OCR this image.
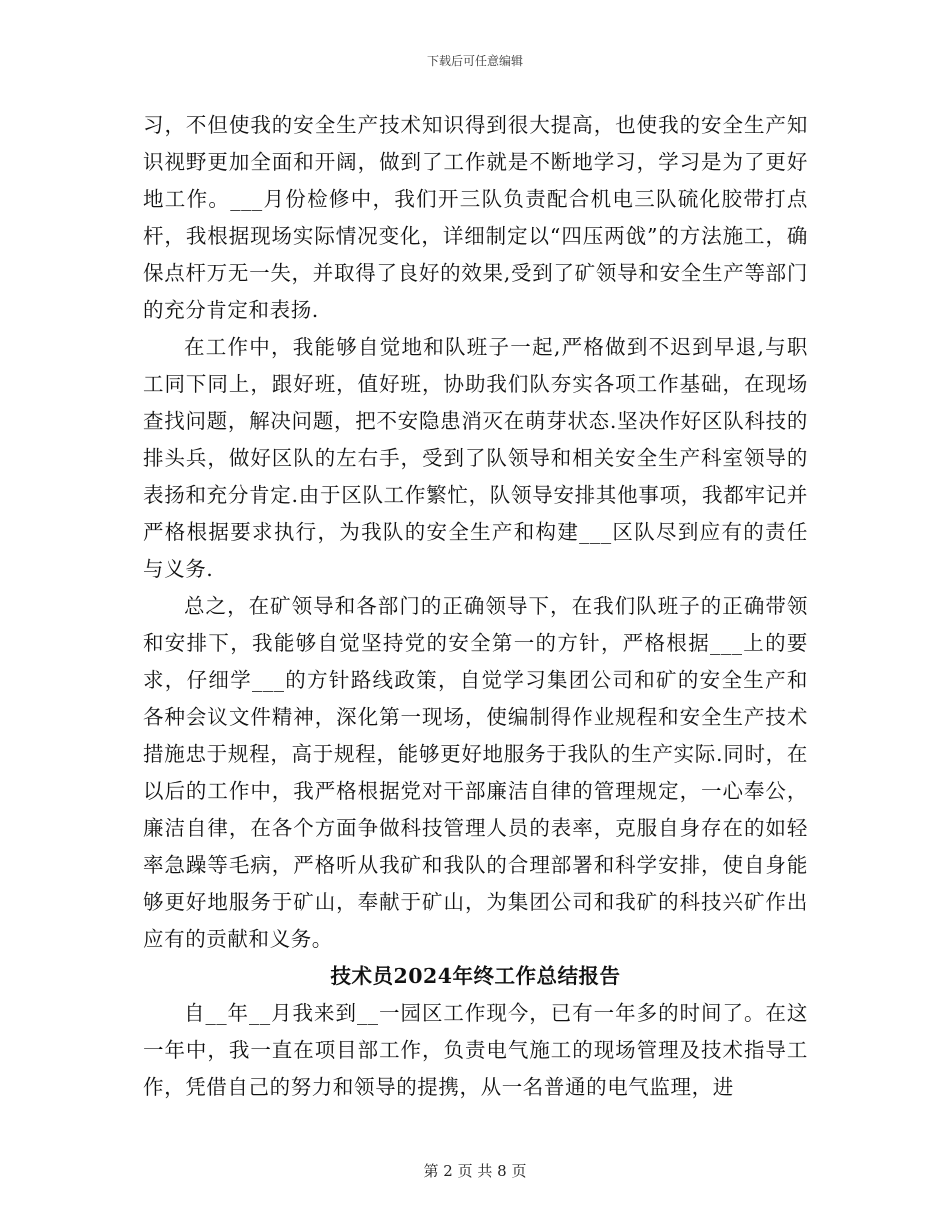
下载后可任意编辑

习，不但使我的安全生产技术知识得到很大提高，也使我的安全生产知识视野更加全面和开阔，做到了工作就是不断地学习，学习是为了更好地工作。___月份检修中，我们开三队负责配合机电三队硫化胶带打点杆，我根据现场实际情况变化，详细制定以“四压两戗”的方法施工，确保点杆万无一失，并取得了良好的效果,受到了矿领导和安全生产等部门的充分肯定和表扬.

在工作中，我能够自觉地和队班子一起,严格做到不迟到早退,与职工同下同上，跟好班，值好班，协助我们队夯实各项工作基础，在现场查找问题，解决问题，把不安隐患消灭在萌芽状态.坚决作好区队科技的排头兵，做好区队的左右手，受到了队领导和相关安全生产科室领导的表扬和充分肯定.由于区队工作繁忙，队领导安排其他事项，我都牢记并严格根据要求执行，为我队的安全生产和构建___区队尽到应有的责任与义务.

总之，在矿领导和各部门的正确领导下，在我们队班子的正确带领和安排下，我能够自觉坚持党的安全第一的方针，严格根据___上的要求，仔细学___的方针路线政策，自觉学习集团公司和矿的安全生产和各种会议文件精神，深化第一现场，使编制得作业规程和安全生产技术措施忠于规程，高于规程，能够更好地服务于我队的生产实际.同时，在以后的工作中，我严格根据党对干部廉洁自律的管理规定，一心奉公，廉洁自律，在各个方面争做科技管理人员的表率，克服自身存在的如轻率急躁等毛病，严格听从我矿和我队的合理部署和科学安排，使自身能够更好地服务于矿山，奉献于矿山，为集团公司和我矿的科技兴矿作出应有的贡献和义务。

技术员2024年终工作总结报告

自__年__月我来到__一园区工作现今，已有一年多的时间了。在这一年中，我一直在项目部工作，负责电气施工的现场管理及技术指导工作，凭借自己的努力和领导的提携，从一名普通的电气监理，进

第 2 页 共 8 页
